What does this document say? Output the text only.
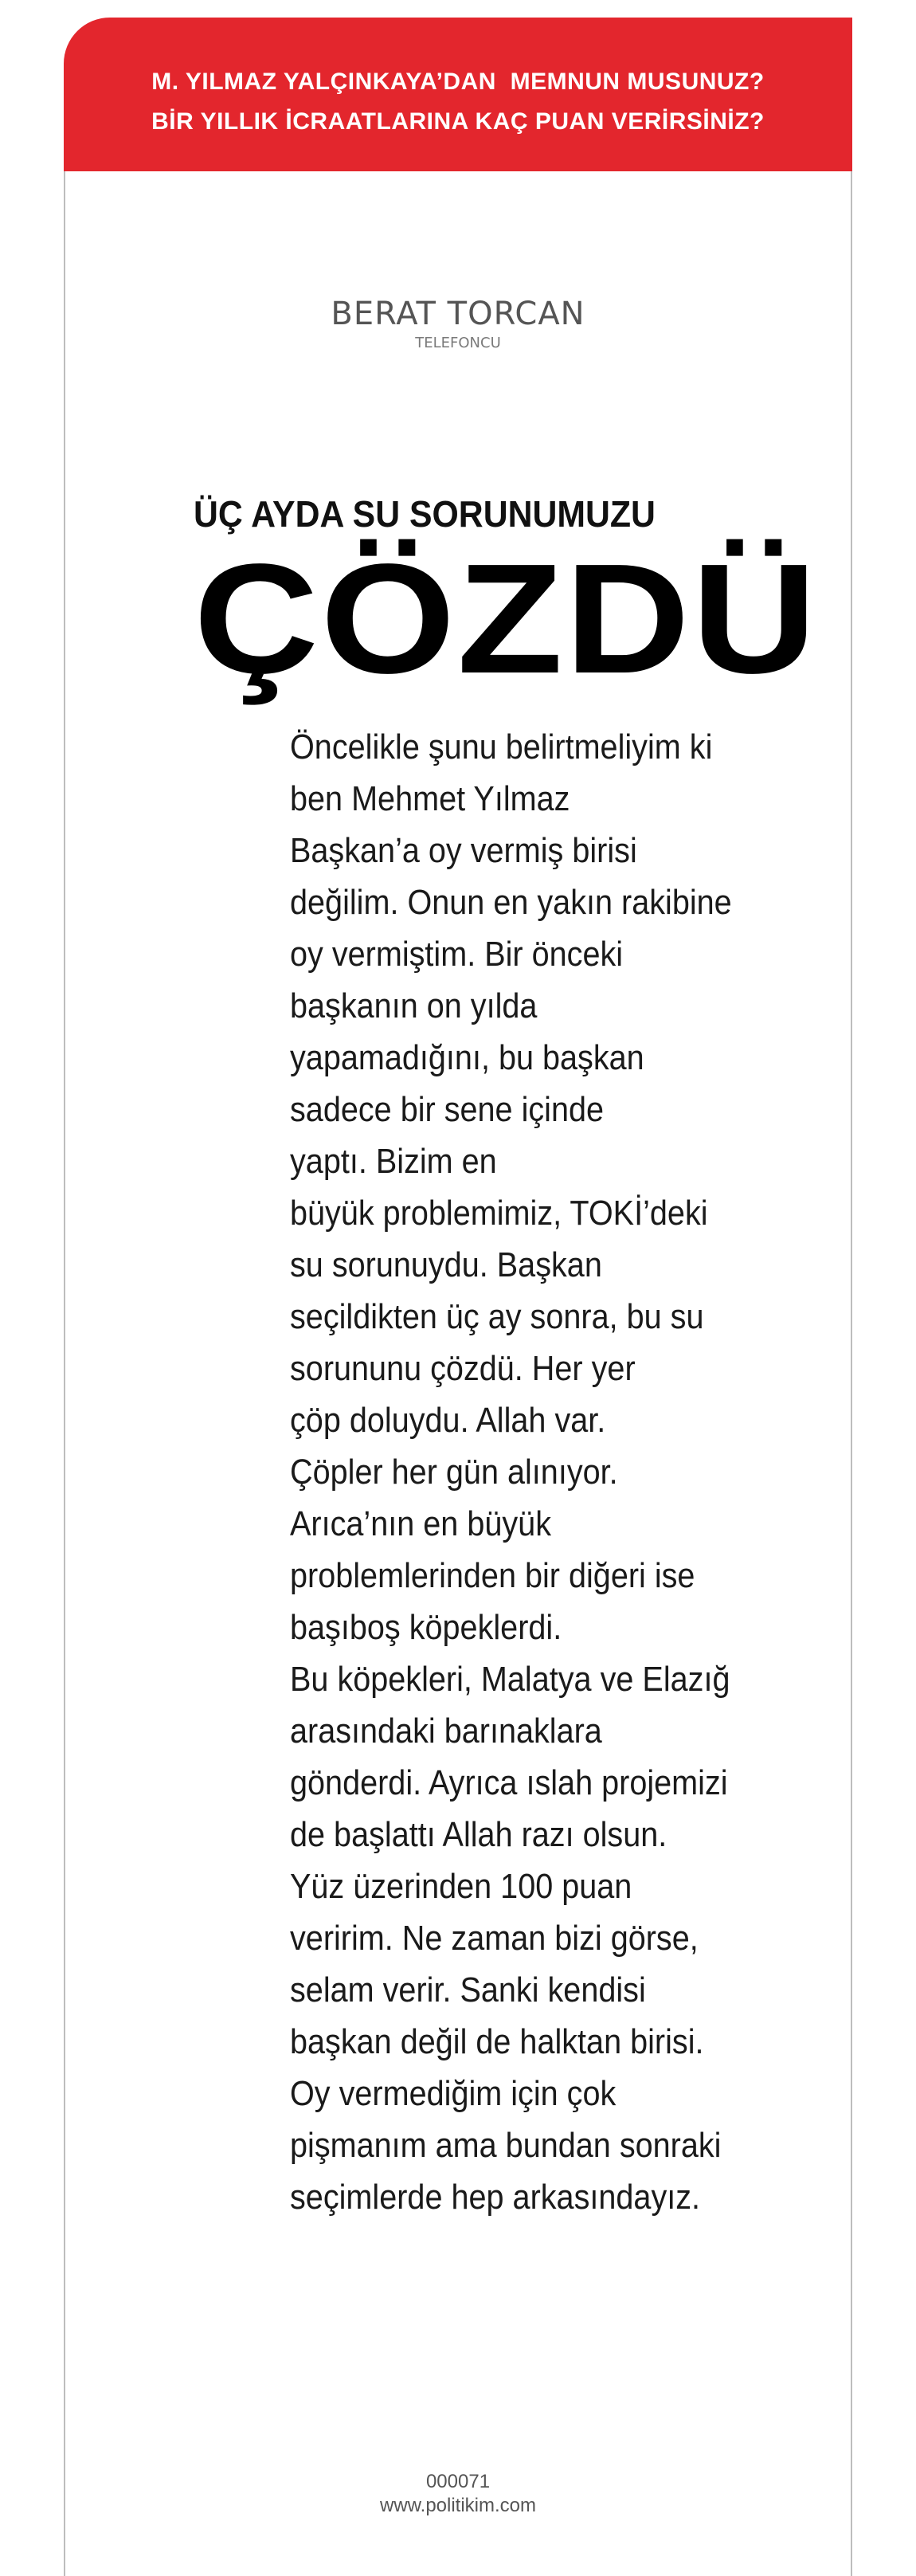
M. YILMAZ YALÇINKAYA’DAN  MEMNUN MUSUNUZ?
BİR YILLIK İCRAATLARINA KAÇ PUAN VERİRSİNİZ?
BERAT TORCAN
TELEFONCU
ÜÇ AYDA SU SORUNUMUZU
ÇÖZDÜ
Öncelikle şunu belirtmeliyim ki
ben Mehmet Yılmaz
Başkan’a oy vermiş birisi
değilim. Onun en yakın rakibine
oy vermiştim. Bir önceki
başkanın on yılda
yapamadığını, bu başkan
sadece bir sene içinde
yaptı. Bizim en
büyük problemimiz, TOKİ’deki
su sorunuydu. Başkan
seçildikten üç ay sonra, bu su
sorununu çözdü. Her yer
çöp doluydu. Allah var.
Çöpler her gün alınıyor.
Arıca’nın en büyük
problemlerinden bir diğeri ise
başıboş köpeklerdi.
Bu köpekleri, Malatya ve Elazığ
arasındaki barınaklara
gönderdi. Ayrıca ıslah projemizi
de başlattı Allah razı olsun.
Yüz üzerinden 100 puan
veririm. Ne zaman bizi görse,
selam verir. Sanki kendisi
başkan değil de halktan birisi.
Oy vermediğim için çok
pişmanım ama bundan sonraki
seçimlerde hep arkasındayız.
000071
www.politikim.com
